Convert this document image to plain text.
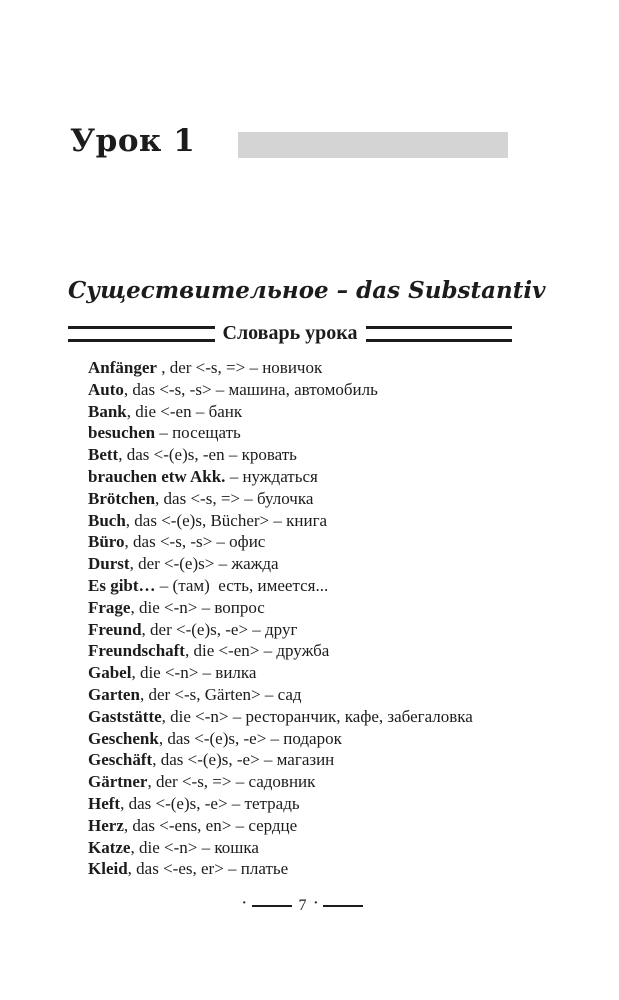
Урок 1
Существительное – das Substantiv
Словарь урока
Anfänger , der <-s, => – новичок
Auto, das <-s, -s> – машина, автомобиль
Bank, die <-en – банк
besuchen – посещать
Bett, das <-(e)s, -en – кровать
brauchen etw Akk. – нуждаться
Brötchen, das <-s, => – булочка
Buch, das <-(e)s, Bücher> – книга
Büro, das <-s, -s> – офис
Durst, der <-(e)s> – жажда
Es gibt… – (там)  есть, имеется...
Frage, die <-n> – вопрос
Freund, der <-(e)s, -e> – друг
Freundschaft, die <-en> – дружба
Gabel, die <-n> – вилка
Garten, der <-s, Gärten> – сад
Gaststätte, die <-n> – ресторанчик, кафе, забегаловка
Geschenk, das <-(e)s, -e> – подарок
Geschäft, das <-(e)s, -e> – магазин
Gärtner, der <-s, => – садовник
Heft, das <-(e)s, -e> – тетрадь
Herz, das <-ens, en> – сердце
Katze, die <-n> – кошка
Kleid, das <-es, er> – платье
·	7 ·
